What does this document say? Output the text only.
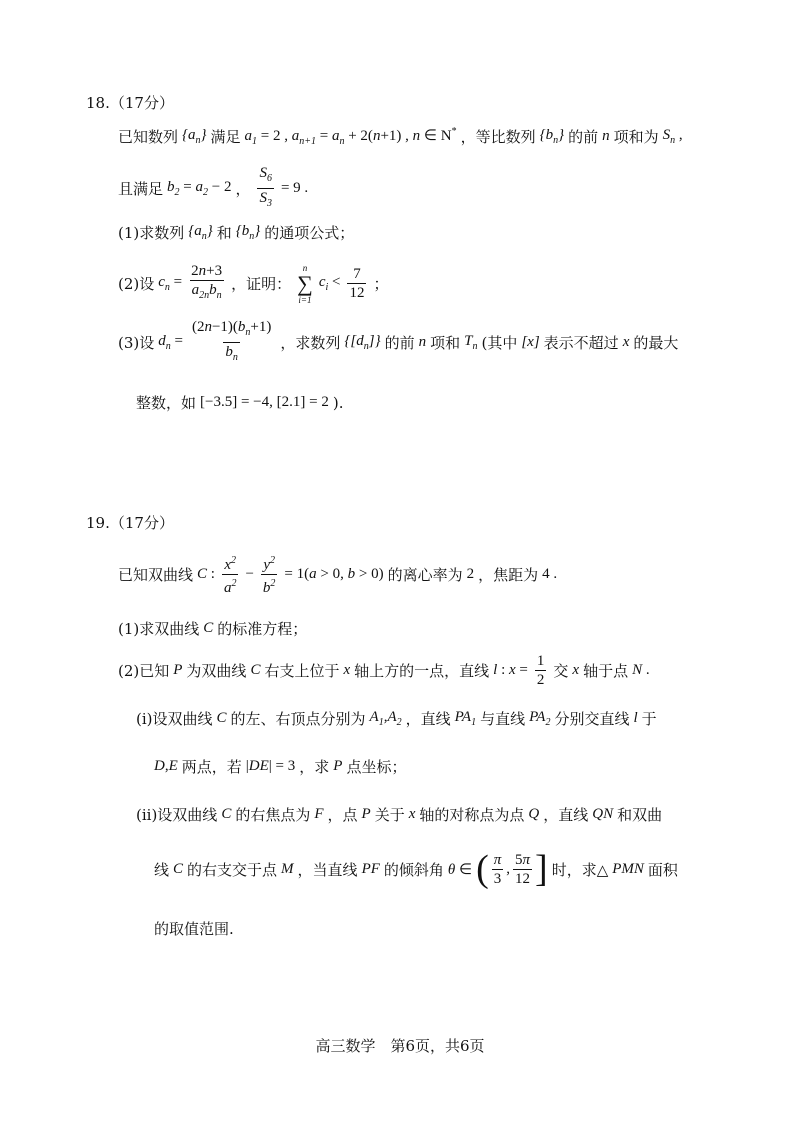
18.（17分）
已知数列 $\{a_n\}$ 满足 $a_1 = 2$ , $a_{n+1} = a_n + 2(n+1)$ , n ∈ N* ，等比数列 $\{b_n\}$ 的前 n 项和为 $S_n$ ,
且满足 $b_2 = a_2 - 2$ ， $\frac{S_6}{S_3} = 9$ .
(1)求数列 $\{a_n\}$ 和 $\{b_n\}$ 的通项公式；
(2)设 $c_n = \frac{2n+3}{a_{2n}b_n}$ ，证明：
n
∑
i=1
$c_i < \frac{7}{12}$ ；
(3)设 $d_n = \frac{(2n-1)(b_n+1)}{b_n}$ ，求数列 $\{[d_n]\}$ 的前 n 项和 $T_n$ (其中 [x] 表示不超过 x 的最大
整数，如 [−3.5] = −4, [2.1] = 2 ).
19.（17分）
已知双曲线 C : $\frac{x^2}{a^2} - \frac{y^2}{b^2} = 1(a > 0$, b > 0) 的离心率为 2 ，焦距为 4 .
(1)求双曲线 C 的标准方程；
(2)已知 P 为双曲线 C 右支上位于 x 轴上方的一点，直线 l : $x = \frac{1}{2}$ 交 x 轴于点 N .
(i)设双曲线 C 的左、右顶点分别为 $A_1,A_2$ ，直线 $PA_1$ 与直线 $PA_2$ 分别交直线 l 于
D,E 两点，若 |DE| = 3 ，求 P 点坐标；
(ii)设双曲线 C 的右焦点为 F ，点 P 关于 x 轴的对称点为点 Q ，直线 QN 和双曲
线 C 的右支交于点 M ，当直线 PF 的倾斜角 θ ∈ ( $\frac{\pi}{3}$ , $\frac{5\pi}{12}$ ] 时，求△ PMN 面积
的取值范围.
高三数学　第6页，共6页
